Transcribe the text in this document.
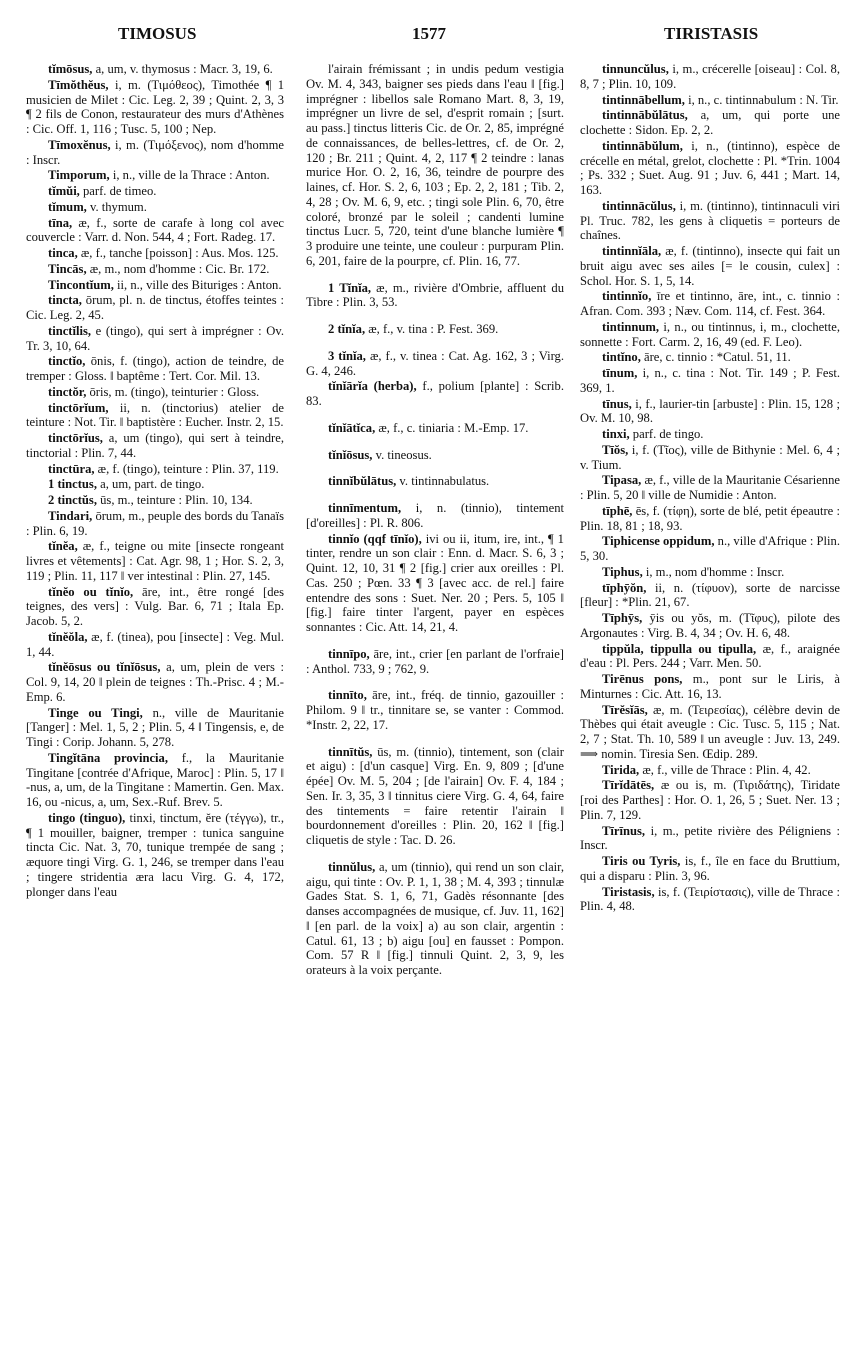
TIMOSUS	1577	TIRISTASIS

tĭmōsus, a, um, v. thymosus : Macr. 3, 19, 6.

Tīmŏthĕus, i, m. (Τιμόθεος), Timothée ¶ 1 musicien de Milet : Cic. Leg. 2, 39 ; Quint. 2, 3, 3 ¶ 2 fils de Conon, restaurateur des murs d'Athènes : Cic. Off. 1, 116 ; Tusc. 5, 100 ; Nep.

Tīmoxĕnus, i, m. (Τιμόξενος), nom d'homme : Inscr.

Timporum, i, n., ville de la Thrace : Anton.

tĭmŭi, parf. de timeo.

tĭmum, v. thymum.

tīna, æ, f., sorte de carafe à long col avec couvercle : Varr. d. Non. 544, 4 ; Fort. Radeg. 17.

tinca, æ, f., tanche [poisson] : Aus. Mos. 125.

Tincās, æ, m., nom d'homme : Cic. Br. 172.

Tincontĭum, ii, n., ville des Bituriges : Anton.

tincta, ōrum, pl. n. de tinctus, étoffes teintes : Cic. Leg. 2, 45.

tinctĭlis, e (tingo), qui sert à imprégner : Ov. Tr. 3, 10, 64.

tinctĭo, ōnis, f. (tingo), action de teindre, de tremper : Gloss. ‖ baptême : Tert. Cor. Mil. 13.

tinctŏr, ōris, m. (tingo), teinturier : Gloss.

tinctōrĭum, ii, n. (tinctorius) atelier de teinture : Not. Tir. ‖ baptistère : Eucher. Instr. 2, 15.

tinctōrĭus, a, um (tingo), qui sert à teindre, tinctorial : Plin. 7, 44.

tinctūra, æ, f. (tingo), teinture : Plin. 37, 119.

1 tinctus, a, um, part. de tingo.

2 tinctŭs, ūs, m., teinture : Plin. 10, 134.

Tindari, ōrum, m., peuple des bords du Tanaïs : Plin. 6, 19.

tĭnĕa, æ, f., teigne ou mite [insecte rongeant livres et vêtements] : Cat. Agr. 98, 1 ; Hor. S. 2, 3, 119 ; Plin. 11, 117 ‖ ver intestinal : Plin. 27, 145.

tĭnĕo ou tĭnĭo, āre, int., être rongé [des teignes, des vers] : Vulg. Bar. 6, 71 ; Itala Ep. Jacob. 5, 2.

tĭnĕŏla, æ, f. (tinea), pou [insecte] : Veg. Mul. 1, 44.

tĭnĕōsus ou tĭnĭōsus, a, um, plein de vers : Col. 9, 14, 20 ‖ plein de teignes : Th.-Prisc. 4 ; M.-Emp. 6.

Tinge ou Tingi, n., ville de Mauritanie [Tanger] : Mel. 1, 5, 2 ; Plin. 5, 4 ‖ Tingensis, e, de Tingi : Corip. Johann. 5, 278.

Tingĭtāna provincia, f., la Mauritanie Tingitane [contrée d'Afrique, Maroc] : Plin. 5, 17 ‖ -nus, a, um, de la Tingitane : Mamertin. Gen. Max. 16, ou -nicus, a, um, Sex.-Ruf. Brev. 5.

tingo (tinguo), tinxi, tinctum, ĕre (τέγγω), tr., ¶ 1 mouiller, baigner, tremper : tunica sanguine tincta Cic. Nat. 3, 70, tunique trempée de sang ; æquore tingi Virg. G. 1, 246, se tremper dans l'eau ; tingere stridentia æra lacu Virg. G. 4, 172, plonger dans l'eau

l'airain frémissant ; in undis pedum vestigia Ov. M. 4, 343, baigner ses pieds dans l'eau ‖ [fig.] imprégner : libellos sale Romano Mart. 8, 3, 19, imprégner un livre de sel, d'esprit romain ; [surt. au pass.] tinctus litteris Cic. de Or. 2, 85, imprégné de connaissances, de belles-lettres, cf. de Or. 2, 120 ; Br. 211 ; Quint. 4, 2, 117 ¶ 2 teindre : lanas murice Hor. O. 2, 16, 36, teindre de pourpre des laines, cf. Hor. S. 2, 6, 103 ; Ep. 2, 2, 181 ; Tib. 2, 4, 28 ; Ov. M. 6, 9, etc. ; tingi sole Plin. 6, 70, être coloré, bronzé par le soleil ; candenti lumine tinctus Lucr. 5, 720, teint d'une blanche lumière ¶ 3 produire une teinte, une couleur : purpuram Plin. 6, 201, faire de la pourpre, cf. Plin. 16, 77.

1 Tĭnĭa, æ, m., rivière d'Ombrie, affluent du Tibre : Plin. 3, 53.

2 tĭnĭa, æ, f., v. tina : P. Fest. 369.

3 tĭnĭa, æ, f., v. tinea : Cat. Ag. 162, 3 ; Virg. G. 4, 246.

tĭnĭārĭa (herba), f., polium [plante] : Scrib. 83.

tĭnĭātĭca, æ, f., c. tiniaria : M.-Emp. 17.

tĭnĭōsus, v. tineosus.

tinnĭbŭlātus, v. tintinnabulatus.

tinnīmentum, i, n. (tinnio), tintement [d'oreilles] : Pl. R. 806.

tinnĭo (qqf tīnĭo), ivi ou ii, itum, ire, int., ¶ 1 tinter, rendre un son clair : Enn. d. Macr. S. 6, 3 ; Quint. 12, 10, 31 ¶ 2 [fig.] crier aux oreilles : Pl. Cas. 250 ; Pœn. 33 ¶ 3 [avec acc. de rel.] faire entendre des sons : Suet. Ner. 20 ; Pers. 5, 105 ‖ [fig.] faire tinter l'argent, payer en espèces sonnantes : Cic. Att. 14, 21, 4.

tinnīpo, āre, int., crier [en parlant de l'orfraie] : Anthol. 733, 9 ; 762, 9.

tinnīto, āre, int., fréq. de tinnio, gazouiller : Philom. 9 ‖ tr., tinnitare se, se vanter : Commod. *Instr. 2, 22, 17.

tinnītŭs, ūs, m. (tinnio), tintement, son (clair et aigu) : [d'un casque] Virg. En. 9, 809 ; [d'une épée] Ov. M. 5, 204 ; [de l'airain] Ov. F. 4, 184 ; Sen. Ir. 3, 35, 3 ‖ tinnitus ciere Virg. G. 4, 64, faire des tintements = faire retentir l'airain ‖ bourdonnement d'oreilles : Plin. 20, 162 ‖ [fig.] cliquetis de style : Tac. D. 26.

tinnŭlus, a, um (tinnio), qui rend un son clair, aigu, qui tinte : Ov. P. 1, 1, 38 ; M. 4, 393 ; tinnulæ Gades Stat. S. 1, 6, 71, Gadès résonnante [des danses accompagnées de musique, cf. Juv. 11, 162] ‖ [en parl. de la voix] a) au son clair, argentin : Catul. 61, 13 ; b) aigu [ou] en fausset : Pompon. Com. 57 R ‖ [fig.] tinnuli Quint. 2, 3, 9, les orateurs à la voix perçante.

tinnuncŭlus, i, m., crécerelle [oiseau] : Col. 8, 8, 7 ; Plin. 10, 109.

tintinnābellum, i, n., c. tintinnabulum : N. Tir.

tintinnābŭlātus, a, um, qui porte une clochette : Sidon. Ep. 2, 2.

tintinnābŭlum, i, n., (tintinno), espèce de crécelle en métal, grelot, clochette : Pl. *Trin. 1004 ; Ps. 332 ; Suet. Aug. 91 ; Juv. 6, 441 ; Mart. 14, 163.

tintinnācŭlus, i, m. (tintinno), tintinnaculi viri Pl. Truc. 782, les gens à cliquetis = porteurs de chaînes.

tintinnĭāla, æ, f. (tintinno), insecte qui fait un bruit aigu avec ses ailes [= le cousin, culex] : Schol. Hor. S. 1, 5, 14.

tintinnĭo, īre et tintinno, āre, int., c. tinnio : Afran. Com. 393 ; Næv. Com. 114, cf. Fest. 364.

tintinnum, i, n., ou tintinnus, i, m., clochette, sonnette : Fort. Carm. 2, 16, 49 (ed. F. Leo).

tintĭno, āre, c. tinnio : *Catul. 51, 11.

tīnum, i, n., c. tina : Not. Tir. 149 ; P. Fest. 369, 1.

tīnus, i, f., laurier-tin [arbuste] : Plin. 15, 128 ; Ov. M. 10, 98.

tinxi, parf. de tingo.

Tīŏs, i, f. (Τῖος), ville de Bithynie : Mel. 6, 4 ; v. Tium.

Tipasa, æ, f., ville de la Mauritanie Césarienne : Plin. 5, 20 ‖ ville de Numidie : Anton.

tīphē, ēs, f. (τίφη), sorte de blé, petit épeautre : Plin. 18, 81 ; 18, 93.

Tiphicense oppidum, n., ville d'Afrique : Plin. 5, 30.

Tiphus, i, m., nom d'homme : Inscr.

tīphȳŏn, ii, n. (τίφυον), sorte de narcisse [fleur] : *Plin. 21, 67.

Tīphȳs, ȳis ou yŏs, m. (Τῖφυς), pilote des Argonautes : Virg. B. 4, 34 ; Ov. H. 6, 48.

tippŭla, tippulla ou tipulla, æ, f., araignée d'eau : Pl. Pers. 244 ; Varr. Men. 50.

Tirēnus pons, m., pont sur le Liris, à Minturnes : Cic. Att. 16, 13.

Tīrĕsĭās, æ, m. (Τειρεσίας), célèbre devin de Thèbes qui était aveugle : Cic. Tusc. 5, 115 ; Nat. 2, 7 ; Stat. Th. 10, 589 ‖ un aveugle : Juv. 13, 249. ⟹ nomin. Tiresia Sen. Œdip. 289.

Tirida, æ, f., ville de Thrace : Plin. 4, 42.

Tīrĭdātēs, æ ou is, m. (Τιριδάτης), Tiridate [roi des Parthes] : Hor. O. 1, 26, 5 ; Suet. Ner. 13 ; Plin. 7, 129.

Tīrīnus, i, m., petite rivière des Péligniens : Inscr.

Tiris ou Tyris, is, f., île en face du Bruttium, qui a disparu : Plin. 3, 96.

Tiristasis, is, f. (Τειρίστασις), ville de Thrace : Plin. 4, 48.
